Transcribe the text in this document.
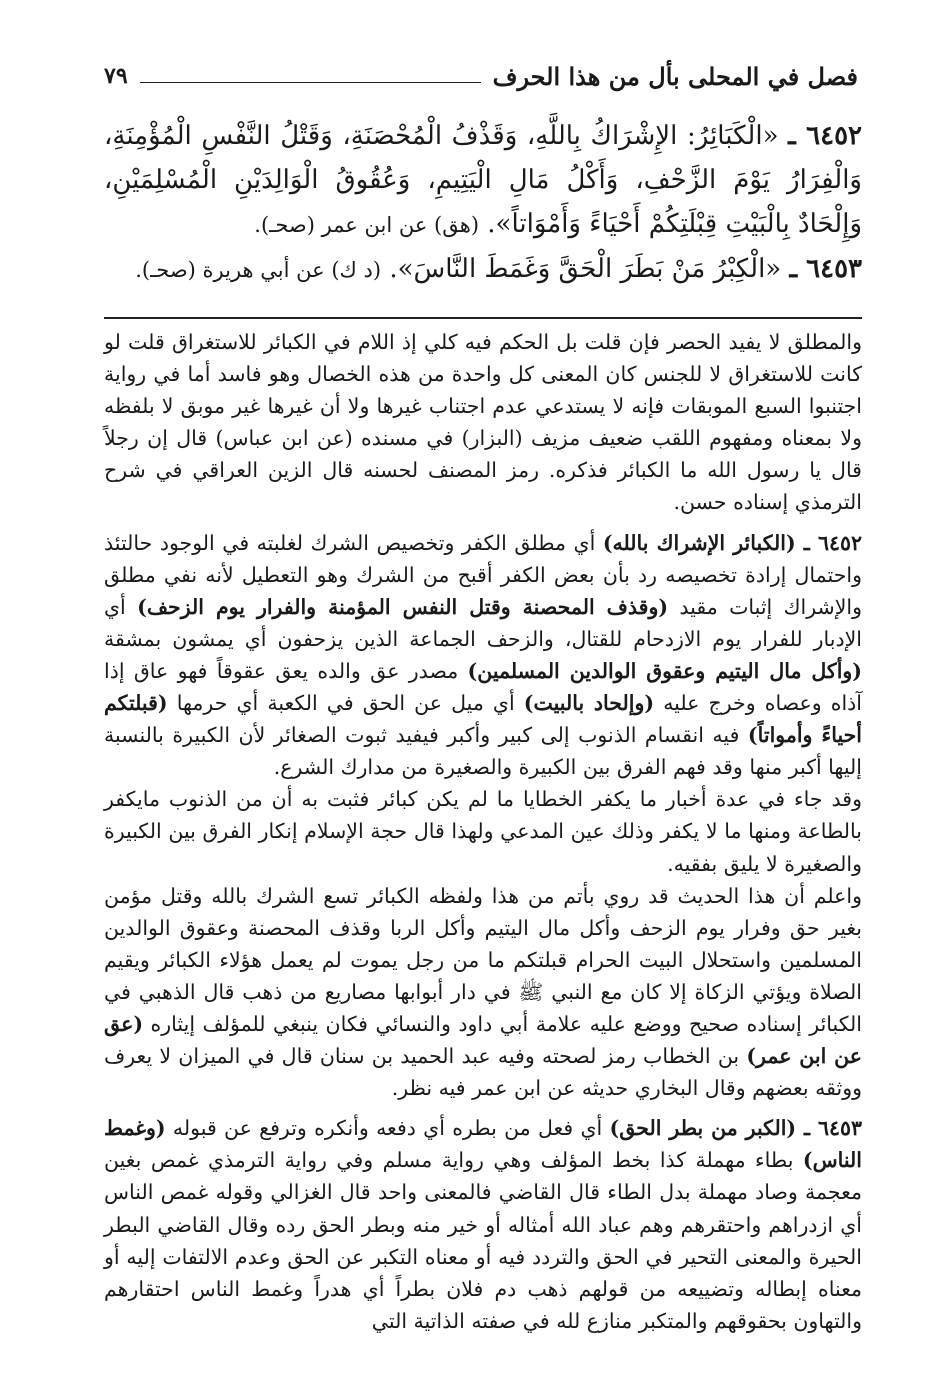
فصل في المحلى بأل من هذا الحرف
٧٩

٦٤٥٢ ـ «الْكَبَائِرُ: الإِشْرَاكُ بِاللَّهِ، وَقَذْفُ الْمُحْصَنَةِ، وَقَتْلُ النَّفْسِ الْمُؤْمِنَةِ، وَالْفِرَارُ يَوْمَ الزَّحْفِ، وَأَكْلُ مَالِ الْيَتِيمِ، وَعُقُوقُ الْوَالِدَيْنِ الْمُسْلِمَيْنِ، وَإِلْحَادٌ بِالْبَيْتِ قِبْلَتِكُمْ أَحْيَاءً وَأَمْوَاتاً». (هق) عن ابن عمر (صحـ).

٦٤٥٣ ـ «الْكِبْرُ مَنْ بَطَرَ الْحَقَّ وَغَمَطَ النَّاسَ». (د ك) عن أبي هريرة (صحـ).

والمطلق لا يفيد الحصر فإن قلت بل الحكم فيه كلي إذ اللام في الكبائر للاستغراق قلت لو كانت للاستغراق لا للجنس كان المعنى كل واحدة من هذه الخصال وهو فاسد أما في رواية اجتنبوا السبع الموبقات فإنه لا يستدعي عدم اجتناب غيرها ولا أن غيرها غير موبق لا بلفظه ولا بمعناه ومفهوم اللقب ضعيف مزيف (البزار) في مسنده (عن ابن عباس) قال إن رجلاً قال يا رسول الله ما الكبائر فذكره. رمز المصنف لحسنه قال الزين العراقي في شرح الترمذي إسناده حسن.

٦٤٥٢ ـ (الكبائر الإشراك بالله) أي مطلق الكفر وتخصيص الشرك لغلبته في الوجود حالتئذ واحتمال إرادة تخصيصه رد بأن بعض الكفر أقبح من الشرك وهو التعطيل لأنه نفي مطلق والإشراك إثبات مقيد (وقذف المحصنة وقتل النفس المؤمنة والفرار يوم الزحف) أي الإدبار للفرار يوم الازدحام للقتال، والزحف الجماعة الذين يزحفون أي يمشون بمشقة (وأكل مال اليتيم وعقوق الوالدين المسلمين) مصدر عق والده يعق عقوقاً فهو عاق إذا آذاه وعصاه وخرج عليه (وإلحاد بالبيت) أي ميل عن الحق في الكعبة أي حرمها (قبلتكم أحياءً وأمواتاً) فيه انقسام الذنوب إلى كبير وأكبر فيفيد ثبوت الصغائر لأن الكبيرة بالنسبة إليها أكبر منها وقد فهم الفرق بين الكبيرة والصغيرة من مدارك الشرع.

وقد جاء في عدة أخبار ما يكفر الخطايا ما لم يكن كبائر فثبت به أن من الذنوب مايكفر بالطاعة ومنها ما لا يكفر وذلك عين المدعي ولهذا قال حجة الإسلام إنكار الفرق بين الكبيرة والصغيرة لا يليق بفقيه.

واعلم أن هذا الحديث قد روي بأتم من هذا ولفظه الكبائر تسع الشرك بالله وقتل مؤمن بغير حق وفرار يوم الزحف وأكل مال اليتيم وأكل الربا وقذف المحصنة وعقوق الوالدين المسلمين واستحلال البيت الحرام قبلتكم ما من رجل يموت لم يعمل هؤلاء الكبائر ويقيم الصلاة ويؤتي الزكاة إلا كان مع النبي ﷺ في دار أبوابها مصاريع من ذهب قال الذهبي في الكبائر إسناده صحيح ووضع عليه علامة أبي داود والنسائي فكان ينبغي للمؤلف إيثاره (عق عن ابن عمر) بن الخطاب رمز لصحته وفيه عبد الحميد بن سنان قال في الميزان لا يعرف ووثقه بعضهم وقال البخاري حديثه عن ابن عمر فيه نظر.

٦٤٥٣ ـ (الكبر من بطر الحق) أي فعل من بطره أي دفعه وأنكره وترفع عن قبوله (وغمط الناس) بطاء مهملة كذا بخط المؤلف وهي رواية مسلم وفي رواية الترمذي غمص بغين معجمة وصاد مهملة بدل الطاء قال القاضي فالمعنى واحد قال الغزالي وقوله غمص الناس أي ازدراهم واحتقرهم وهم عباد الله أمثاله أو خير منه وبطر الحق رده وقال القاضي البطر الحيرة والمعنى التحير في الحق والتردد فيه أو معناه التكبر عن الحق وعدم الالتفات إليه أو معناه إبطاله وتضييعه من قولهم ذهب دم فلان بطراً أي هدراً وغمط الناس احتقارهم والتهاون بحقوقهم والمتكبر منازع لله في صفته الذاتية التي
